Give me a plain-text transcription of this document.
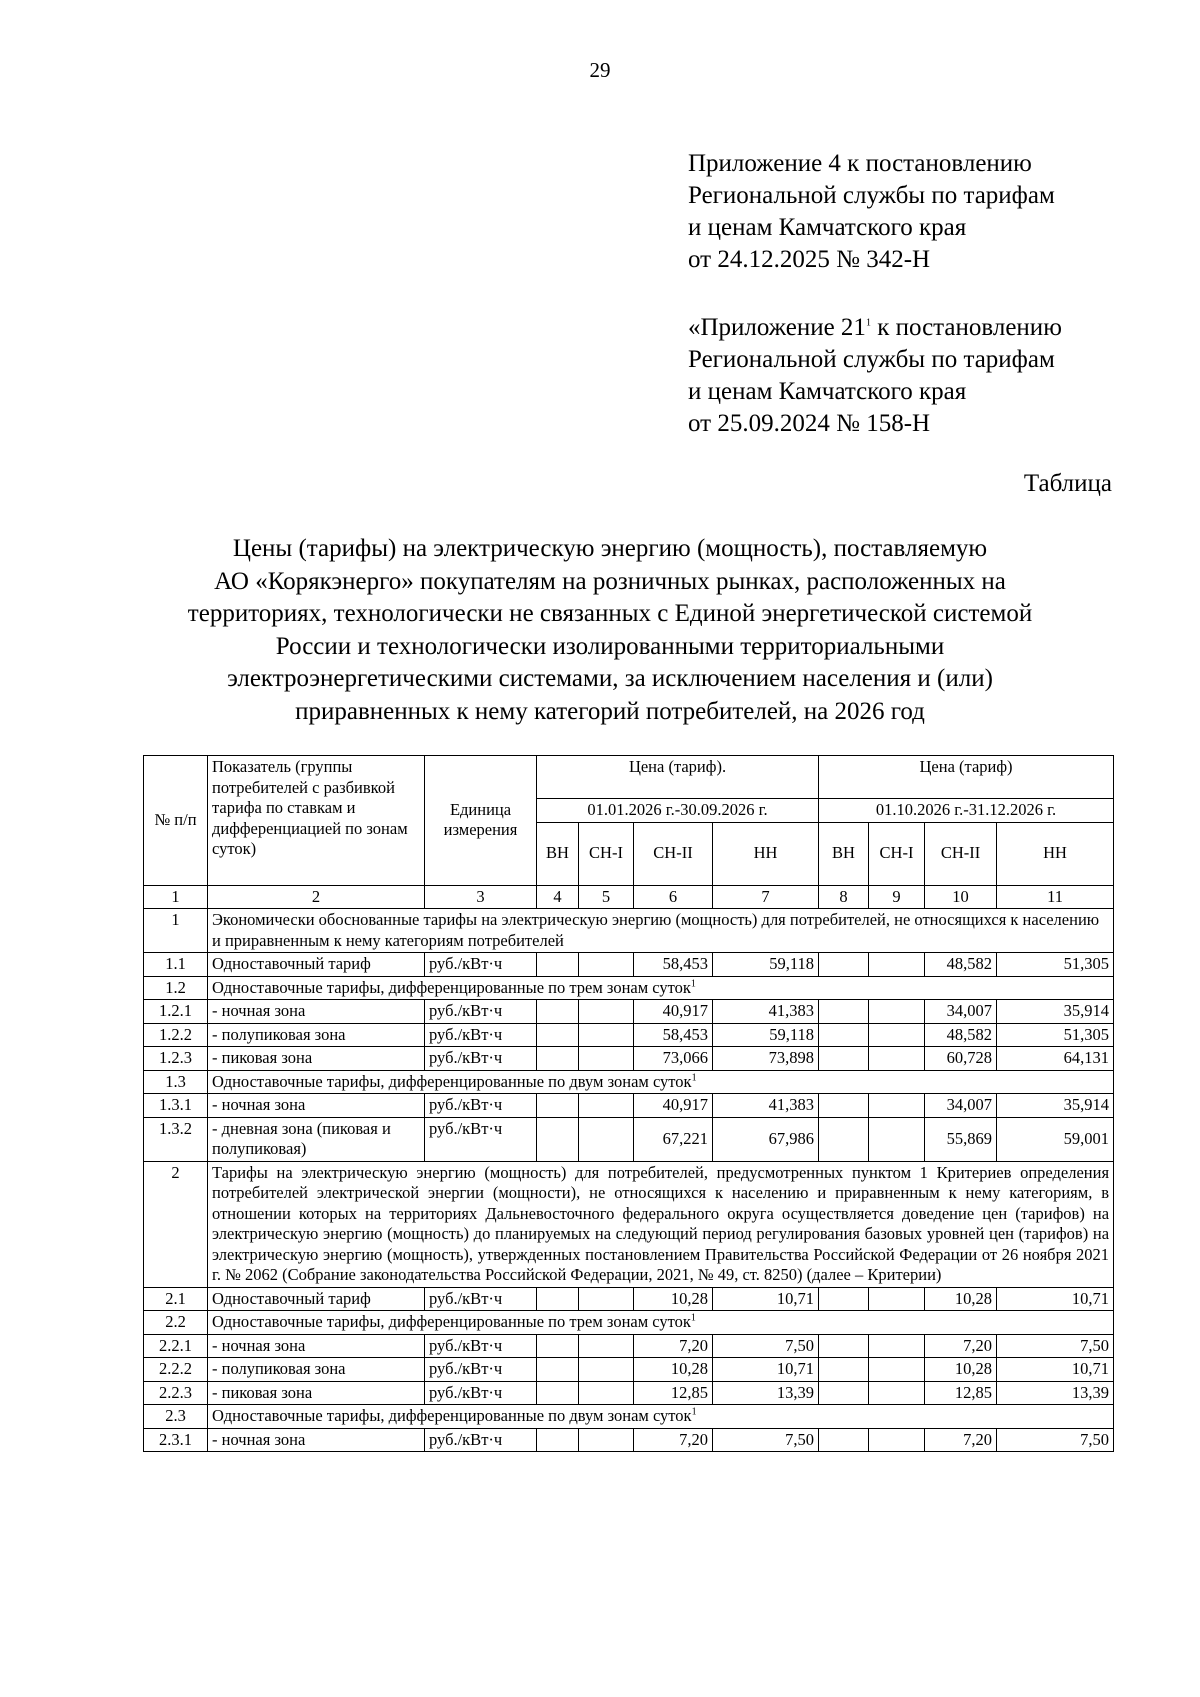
29
Приложение 4 к постановлению
Региональной службы по тарифам
и ценам Камчатского края
от 24.12.2025 № 342-Н
«Приложение $21^1$ к постановлению
Региональной службы по тарифам
и ценам Камчатского края
от 25.09.2024 № 158-Н
Таблица
Цены (тарифы) на электрическую энергию (мощность), поставляемую
АО «Корякэнерго» покупателям на розничных рынках, расположенных на
территориях, технологически не связанных с Единой энергетической системой
России и технологически изолированными территориальными
электроэнергетическими системами, за исключением населения и (или)
приравненных к нему категорий потребителей, на 2026 год
№ п/п	Показатель (группы потребителей с разбивкой тарифа по ставкам и дифференциацией по зонам суток)	Единица измерения	Цена (тариф).				Цена (тариф)			
			01.01.2026 г.-30.09.2026 г.				01.10.2026 г.-31.12.2026 г.			
			ВН	СН-I	СН-II	НН	ВН	СН-I	СН-II	НН
1	2	3	4	5	6	7	8	9	10	11
1	Экономически обоснованные тарифы на электрическую энергию (мощность) для потребителей, не относящихся к населению и приравненным к нему категориям потребителей									
1.1	Одноставочный тариф	руб./кВт·ч			58,453	59,118			48,582	51,305
1.2	Одноставочные тарифы, дифференцированные по трем зонам суток$^1$
1.2.1	- ночная зона	руб./кВт·ч			40,917	41,383			34,007	35,914
1.2.2	- полупиковая зона	руб./кВт·ч			58,453	59,118			48,582	51,305
1.2.3	- пиковая зона	руб./кВт·ч			73,066	73,898			60,728	64,131
1.3	Одноставочные тарифы, дифференцированные по двум зонам суток$^1$
1.3.1	- ночная зона	руб./кВт·ч			40,917	41,383			34,007	35,914
1.3.2	- дневная зона (пиковая и полупиковая)	руб./кВт·ч			67,221	67,986			55,869	59,001
2	Тарифы на электрическую энергию (мощность) для потребителей, предусмотренных пунктом 1 Критериев определения потребителей электрической энергии (мощности), не относящихся к населению и приравненным к нему категориям, в отношении которых на территориях Дальневосточного федерального округа осуществляется доведение цен (тарифов) на электрическую энергию (мощность) до планируемых на следующий период регулирования базовых уровней цен (тарифов) на электрическую энергию (мощность), утвержденных постановлением Правительства Российской Федерации от 26 ноября 2021 г. № 2062 (Собрание законодательства Российской Федерации, 2021, № 49, ст. 8250) (далее – Критерии)									
2.1	Одноставочный тариф	руб./кВт·ч			10,28	10,71			10,28	10,71
2.2	Одноставочные тарифы, дифференцированные по трем зонам суток$^1$
2.2.1	- ночная зона	руб./кВт·ч			7,20	7,50			7,20	7,50
2.2.2	- полупиковая зона	руб./кВт·ч			10,28	10,71			10,28	10,71
2.2.3	- пиковая зона	руб./кВт·ч			12,85	13,39			12,85	13,39
2.3	Одноставочные тарифы, дифференцированные по двум зонам суток$^1$
2.3.1	- ночная зона	руб./кВт·ч			7,20	7,50			7,20	7,50
